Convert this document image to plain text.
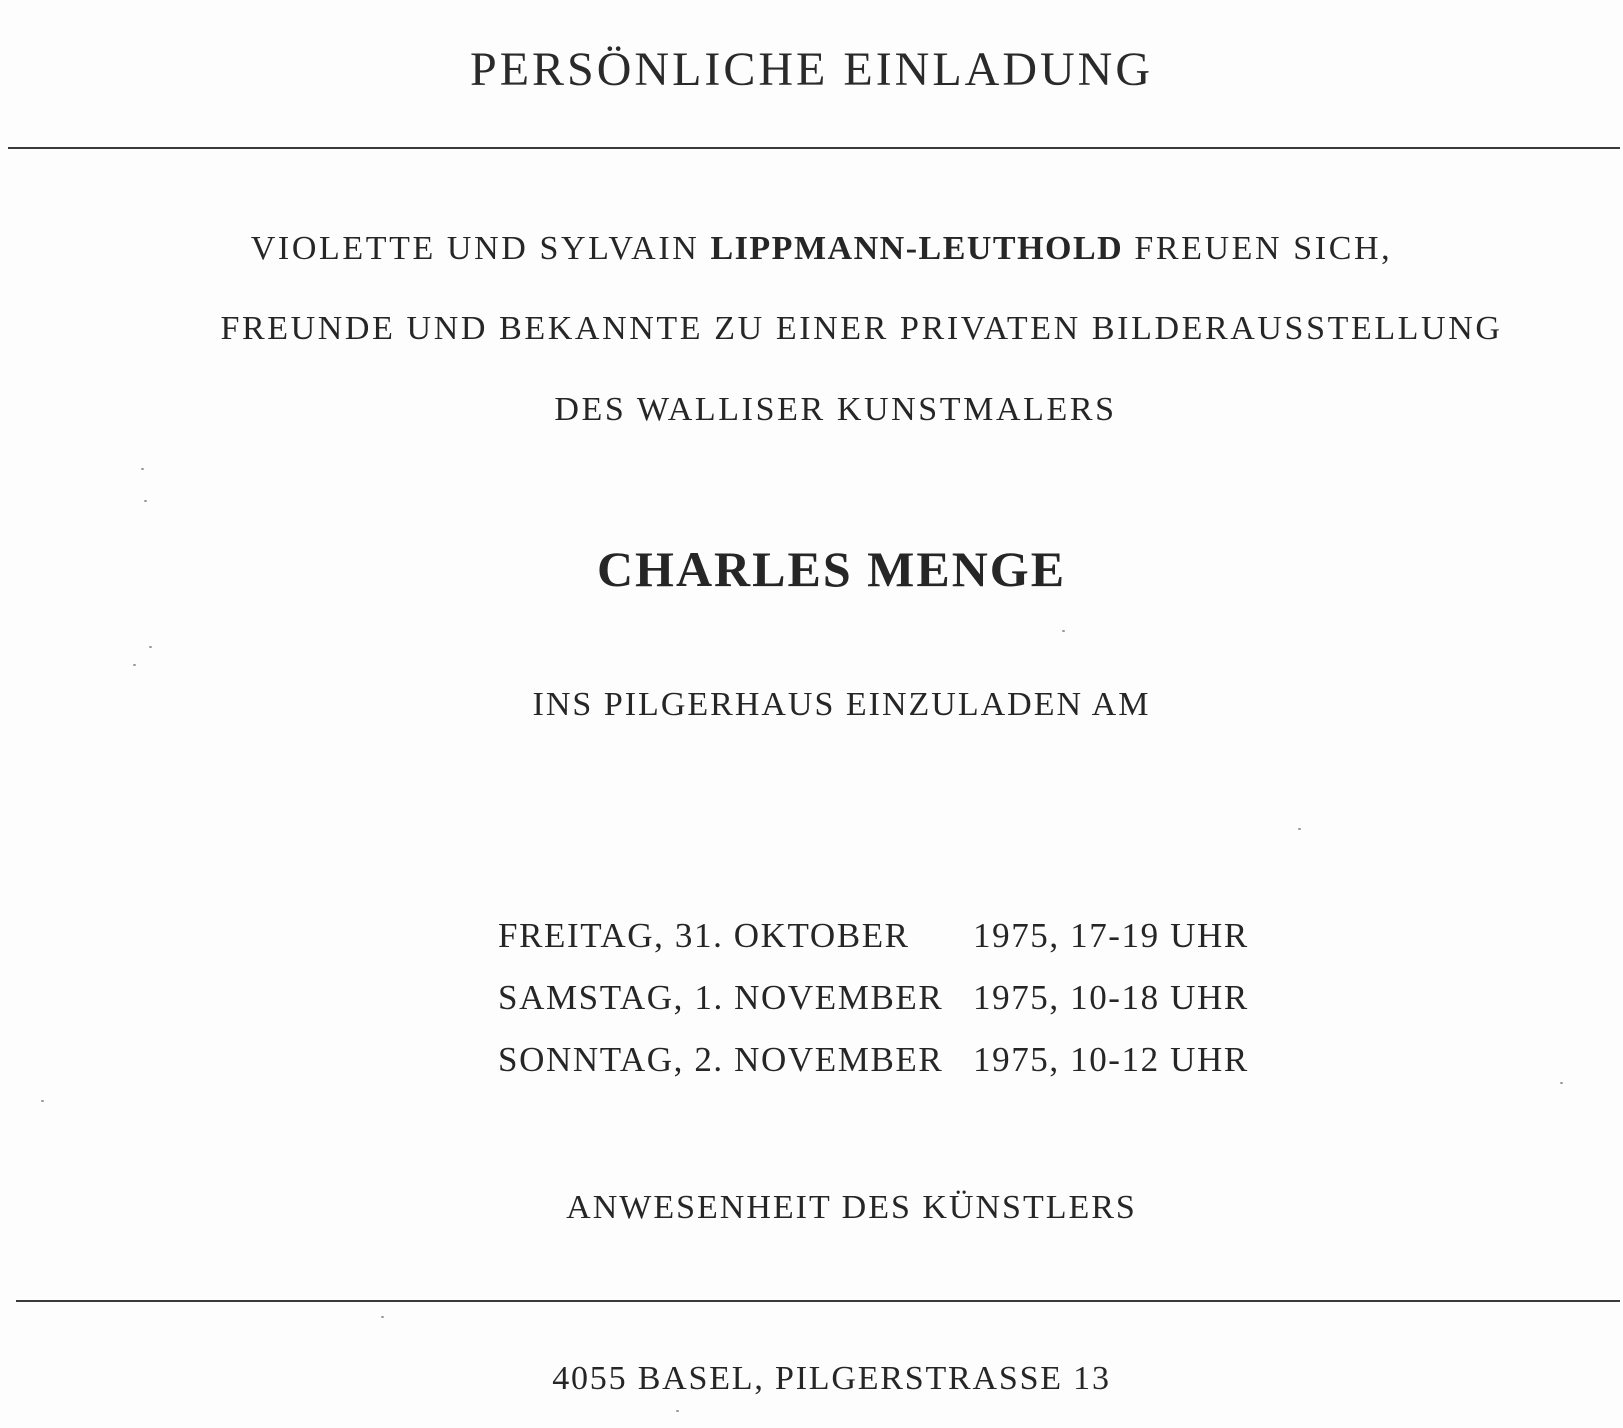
PERSÖNLICHE EINLADUNG
VIOLETTE UND SYLVAIN LIPPMANN-LEUTHOLD FREUEN SICH,
FREUNDE UND BEKANNTE ZU EINER PRIVATEN BILDERAUSSTELLUNG
DES WALLISER KUNSTMALERS
CHARLES MENGE
INS PILGERHAUS EINZULADEN AM
FREITAG, 31. OKTOBER	1975, 17-19 UHR
SAMSTAG, 1. NOVEMBER 1975, 10-18 UHR
SONNTAG, 2. NOVEMBER 1975, 10-12 UHR
ANWESENHEIT DES KÜNSTLERS
4055 BASEL, PILGERSTRASSE 13
